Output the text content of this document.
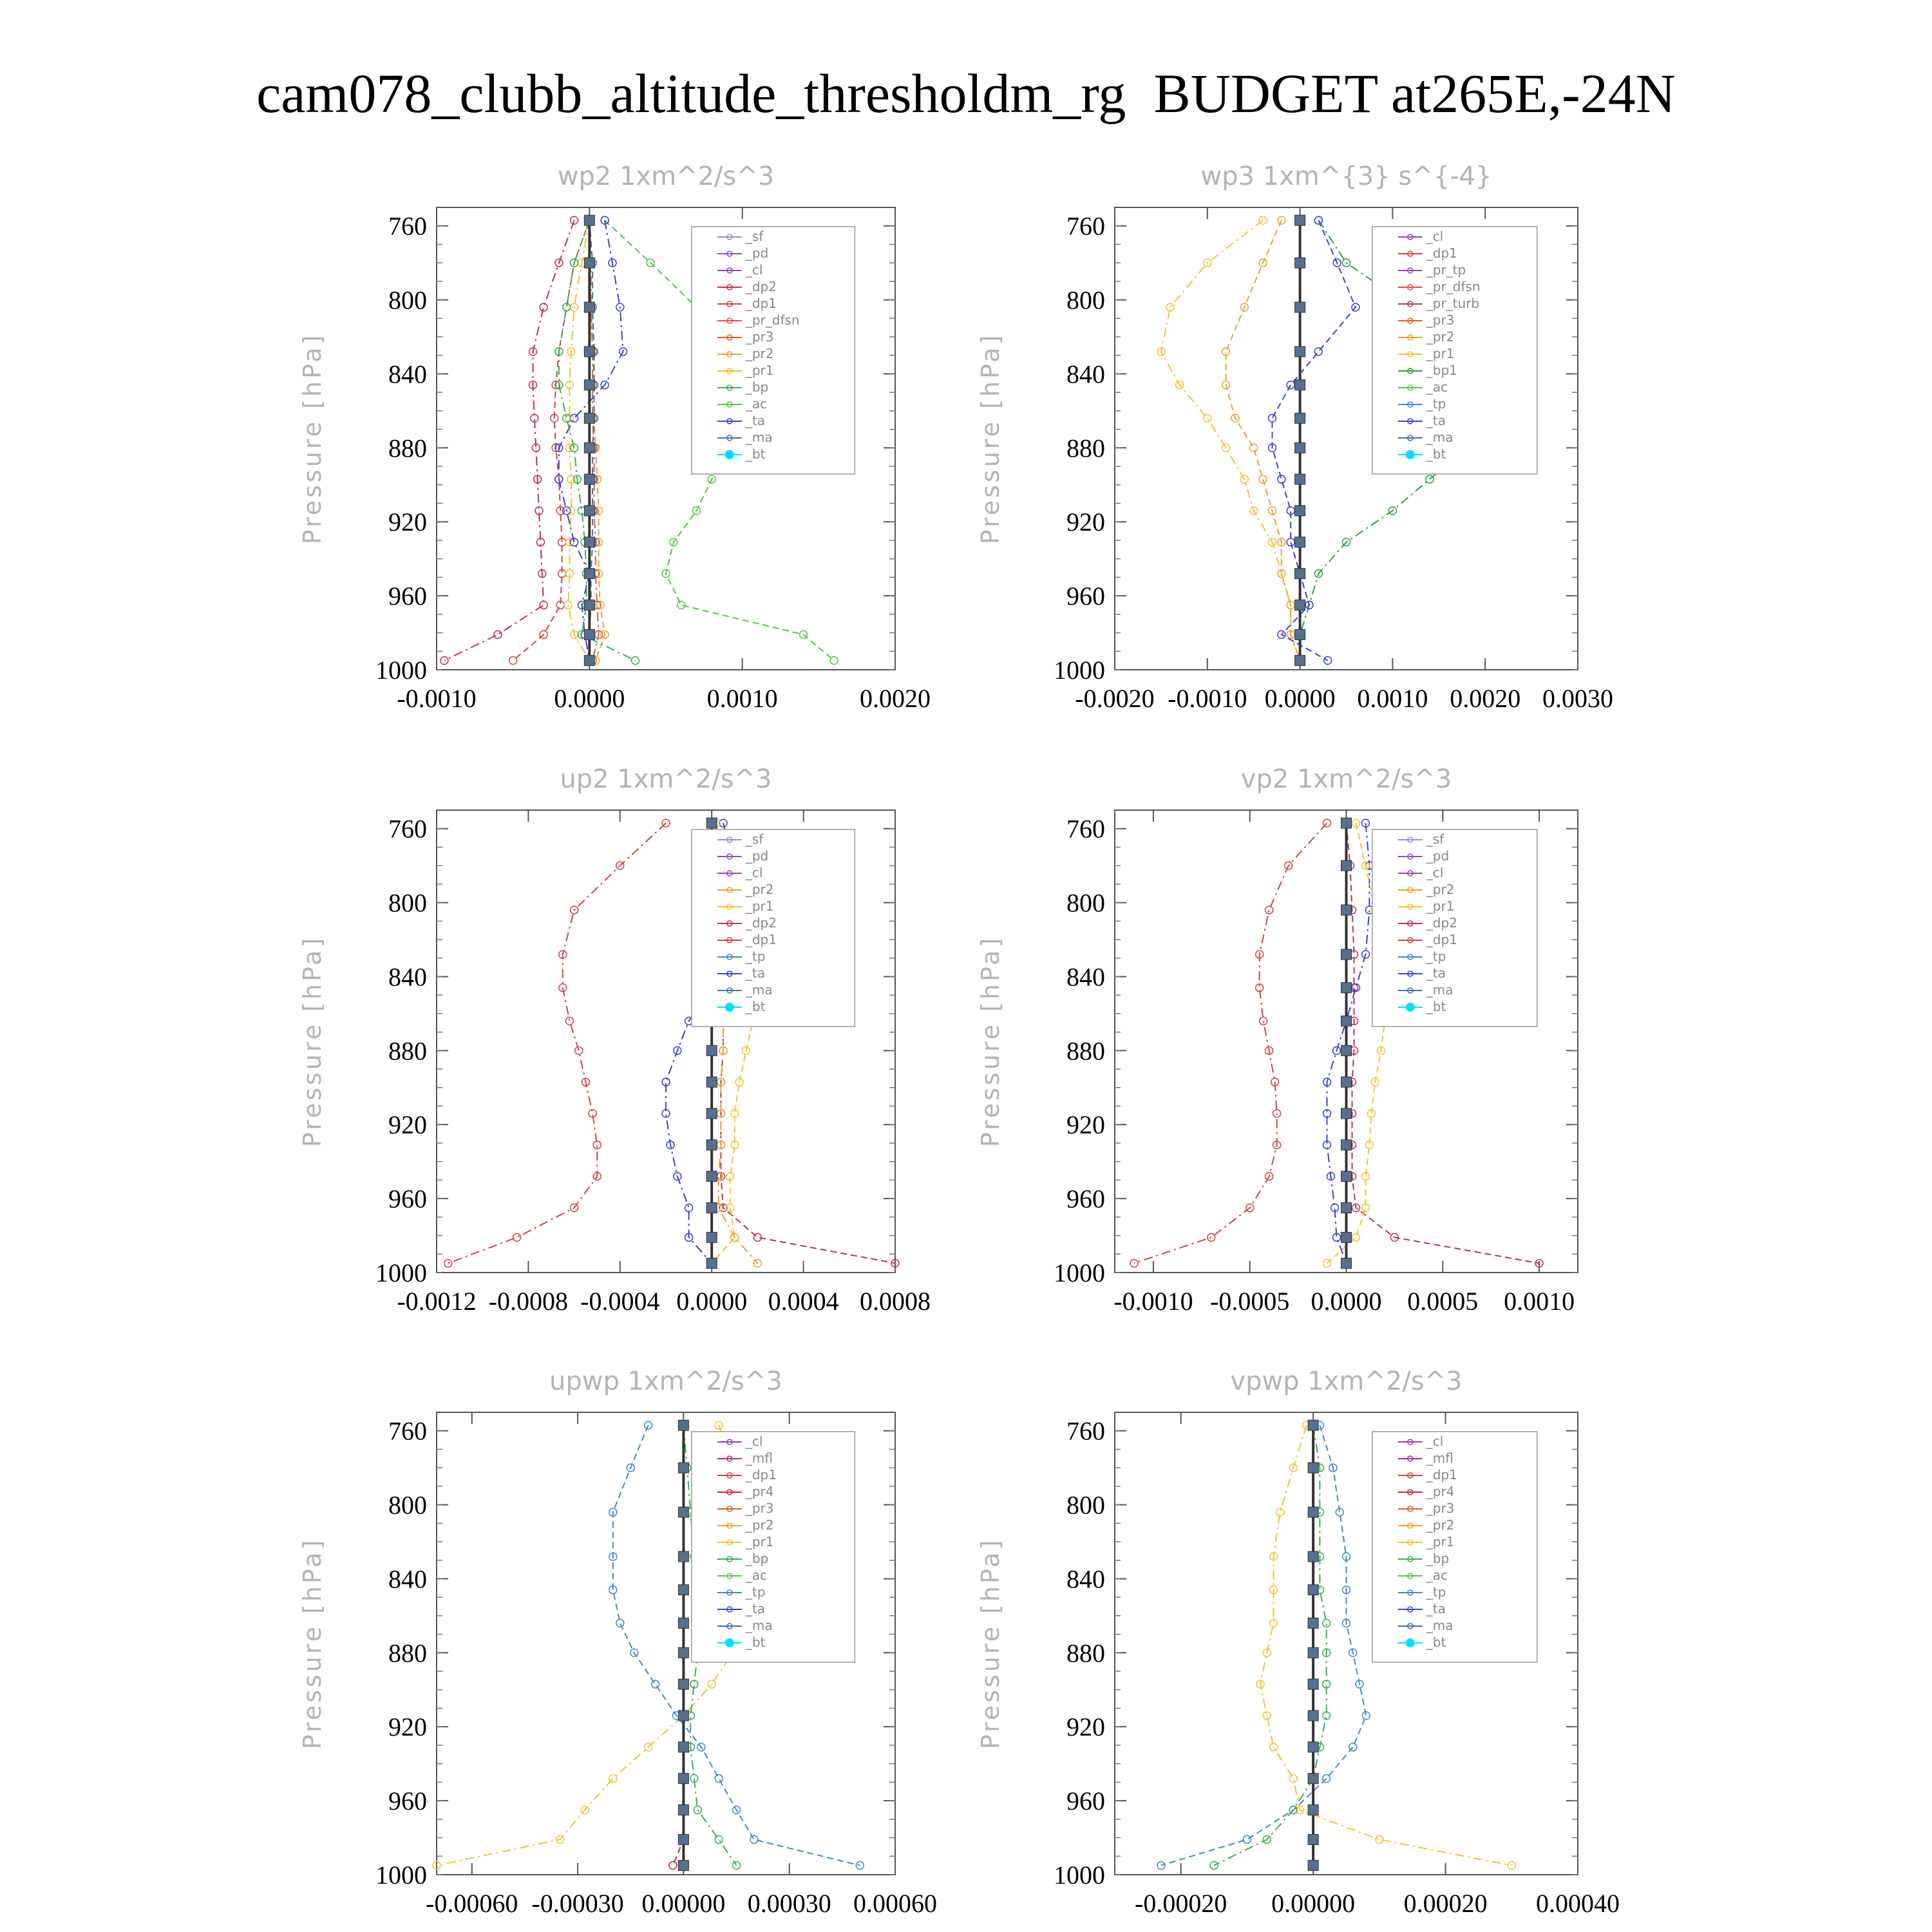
cam078_clubb_altitude_thresholdm_rg  BUDGET at265E,-24N
wp2 1xm^2/s^3
Pressure [hPa]
760
800
840
880
920
960
1000
-0.0010	0.0000	0.0010	0.0020
_sf
_pd
_cl
_dp2
_dp1
_pr_dfsn
_pr3
_pr2
_pr1
_bp
_ac
_ta
_ma
_bt
wp3 1xm^{3} s^{-4}
Pressure [hPa]
760
800
840
880
920
960
1000
-0.0020 -0.0010 0.0000 0.0010 0.0020 0.0030
_cl
_dp1
_pr_tp
_pr_dfsn
_pr_turb
_pr3
_pr2
_pr1
_bp1
_ac
_tp
_ta
_ma
_bt
up2 1xm^2/s^3
Pressure [hPa]
760
800
840
880
920
960
1000
-0.0012 -0.0008 -0.0004 0.0000 0.0004 0.0008
_sf
_pd
_cl
_pr2
_pr1
_dp2
_dp1
_tp
_ta
_ma
_bt
vp2 1xm^2/s^3
Pressure [hPa]
760
800
840
880
920
960
1000
-0.0010 -0.0005 0.0000 0.0005 0.0010
_sf
_pd
_cl
_pr2
_pr1
_dp2
_dp1
_tp
_ta
_ma
_bt
upwp 1xm^2/s^3
Pressure [hPa]
760
800
840
880
920
960
1000
-0.00060 -0.00030 0.00000 0.00030 0.00060
_cl
_mfl
_dp1
_pr4
_pr3
_pr2
_pr1
_bp
_ac
_tp
_ta
_ma
_bt
vpwp 1xm^2/s^3
Pressure [hPa]
760
800
840
880
920
960
1000
-0.00020 0.00000 0.00020 0.00040
_cl
_mfl
_dp1
_pr4
_pr3
_pr2
_pr1
_bp
_ac
_tp
_ta
_ma
_bt
